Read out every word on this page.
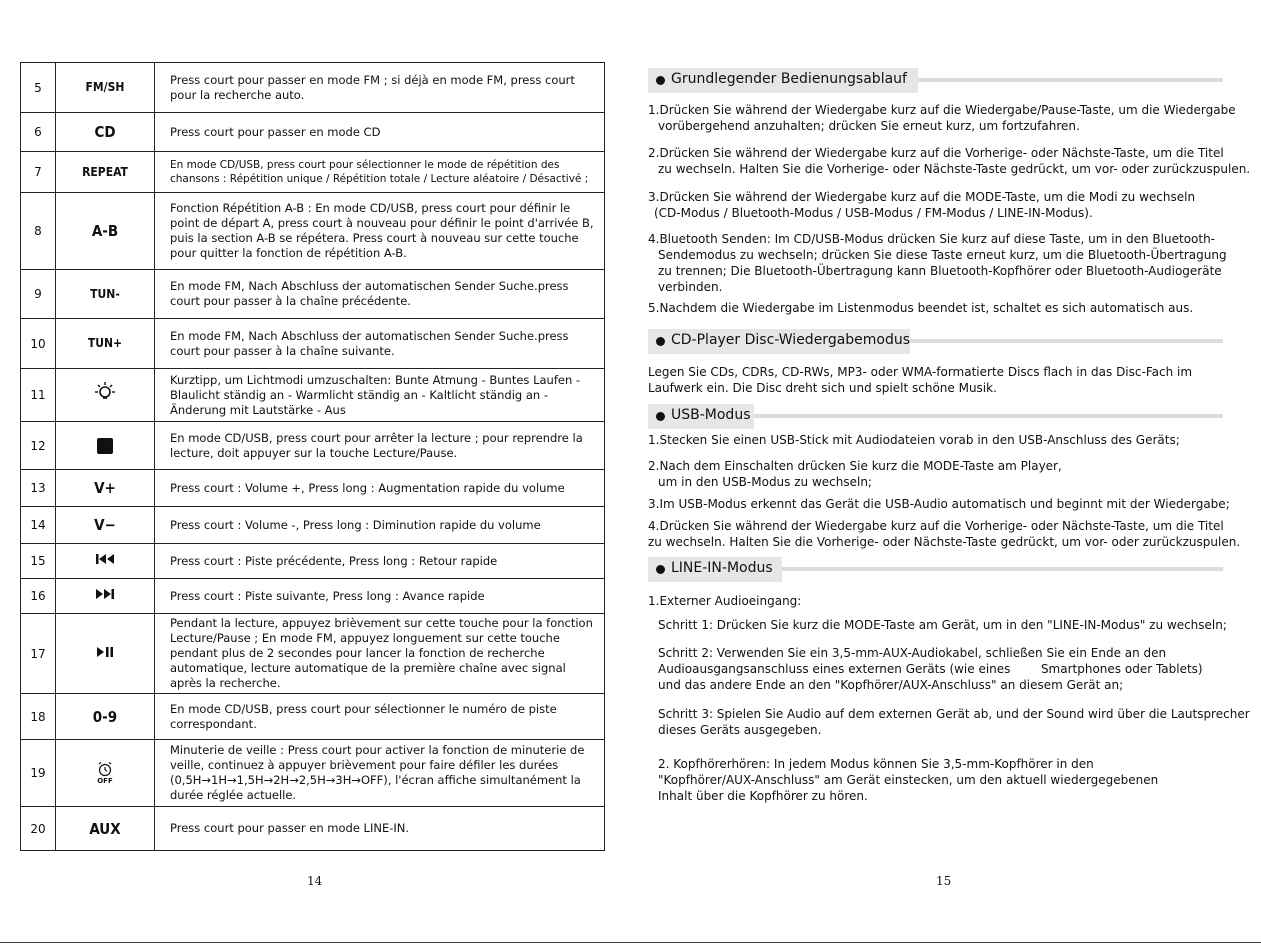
5	FM/SH	Press court pour passer en mode FM ; si déjà en mode FM, press court pour la recherche auto.
6	CD	Press court pour passer en mode CD
7	REPEAT	En mode CD/USB, press court pour sélectionner le mode de répétition des chansons : Répétition unique / Répétition totale / Lecture aléatoire / Désactivé ;
8	A-B	Fonction Répétition A-B : En mode CD/USB, press court pour définir le point de départ A, press court à nouveau pour définir le point d'arrivée B, puis la section A-B se répétera. Press court à nouveau sur cette touche pour quitter la fonction de répétition A-B.
9	TUN-	En mode FM, Nach Abschluss der automatischen Sender Suche.press court pour passer à la chaîne précédente.
10	TUN+	En mode FM, Nach Abschluss der automatischen Sender Suche.press court pour passer à la chaîne suivante.
11		Kurztipp, um Lichtmodi umzuschalten: Bunte Atmung - Buntes Laufen - Blaulicht ständig an - Warmlicht ständig an - Kaltlicht ständig an - Änderung mit Lautstärke - Aus
12		En mode CD/USB, press court pour arrêter la lecture ; pour reprendre la lecture, doit appuyer sur la touche Lecture/Pause.
13	V+	Press court : Volume +, Press long : Augmentation rapide du volume
14	V−	Press court : Volume -, Press long : Diminution rapide du volume
15		Press court : Piste précédente, Press long : Retour rapide
16		Press court : Piste suivante, Press long : Avance rapide
17		Pendant la lecture, appuyez brièvement sur cette touche pour la fonction Lecture/Pause ; En mode FM, appuyez longuement sur cette touche pendant plus de 2 secondes pour lancer la fonction de recherche automatique, lecture automatique de la première chaîne avec signal après la recherche.
18	0-9	En mode CD/USB, press court pour sélectionner le numéro de piste correspondant.
19	OFF	Minuterie de veille : Press court pour activer la fonction de minuterie de veille, continuez à appuyer brièvement pour faire défiler les durées (0,5H→1H→1,5H→2H→2,5H→3H→OFF), l'écran affiche simultanément la durée réglée actuelle.
20	AUX	Press court pour passer en mode LINE-IN.
14	15
Grundlegender Bedienungsablauf
1.Drücken Sie während der Wiedergabe kurz auf die Wiedergabe/Pause-Taste, um die Wiedergabe
vorübergehend anzuhalten; drücken Sie erneut kurz, um fortzufahren.
2.Drücken Sie während der Wiedergabe kurz auf die Vorherige- oder Nächste-Taste, um die Titel
zu wechseln. Halten Sie die Vorherige- oder Nächste-Taste gedrückt, um vor- oder zurückzuspulen.
3.Drücken Sie während der Wiedergabe kurz auf die MODE-Taste, um die Modi zu wechseln
(CD-Modus / Bluetooth-Modus / USB-Modus / FM-Modus / LINE-IN-Modus).
4.Bluetooth Senden: Im CD/USB-Modus drücken Sie kurz auf diese Taste, um in den Bluetooth-
Sendemodus zu wechseln; drücken Sie diese Taste erneut kurz, um die Bluetooth-Übertragung
zu trennen; Die Bluetooth-Übertragung kann Bluetooth-Kopfhörer oder Bluetooth-Audiogeräte
verbinden.
5.Nachdem die Wiedergabe im Listenmodus beendet ist, schaltet es sich automatisch aus.
CD-Player Disc-Wiedergabemodus
Legen Sie CDs, CDRs, CD-RWs, MP3- oder WMA-formatierte Discs flach in das Disc-Fach im
Laufwerk ein. Die Disc dreht sich und spielt schöne Musik.
USB-Modus
1.Stecken Sie einen USB-Stick mit Audiodateien vorab in den USB-Anschluss des Geräts;
2.Nach dem Einschalten drücken Sie kurz die MODE-Taste am Player,
um in den USB-Modus zu wechseln;
3.Im USB-Modus erkennt das Gerät die USB-Audio automatisch und beginnt mit der Wiedergabe;
4.Drücken Sie während der Wiedergabe kurz auf die Vorherige- oder Nächste-Taste, um die Titel
zu wechseln. Halten Sie die Vorherige- oder Nächste-Taste gedrückt, um vor- oder zurückzuspulen.
LINE-IN-Modus
1.Externer Audioeingang:
Schritt 1: Drücken Sie kurz die MODE-Taste am Gerät, um in den "LINE-IN-Modus" zu wechseln;
Schritt 2: Verwenden Sie ein 3,5-mm-AUX-Audiokabel, schließen Sie ein Ende an den
Audioausgangsanschluss eines externen Geräts (wie eines        Smartphones oder Tablets)
und das andere Ende an den "Kopfhörer/AUX-Anschluss" an diesem Gerät an;
Schritt 3: Spielen Sie Audio auf dem externen Gerät ab, und der Sound wird über die Lautsprecher
dieses Geräts ausgegeben.
2. Kopfhörerhören: In jedem Modus können Sie 3,5-mm-Kopfhörer in den
"Kopfhörer/AUX-Anschluss" am Gerät einstecken, um den aktuell wiedergegebenen
Inhalt über die Kopfhörer zu hören.
